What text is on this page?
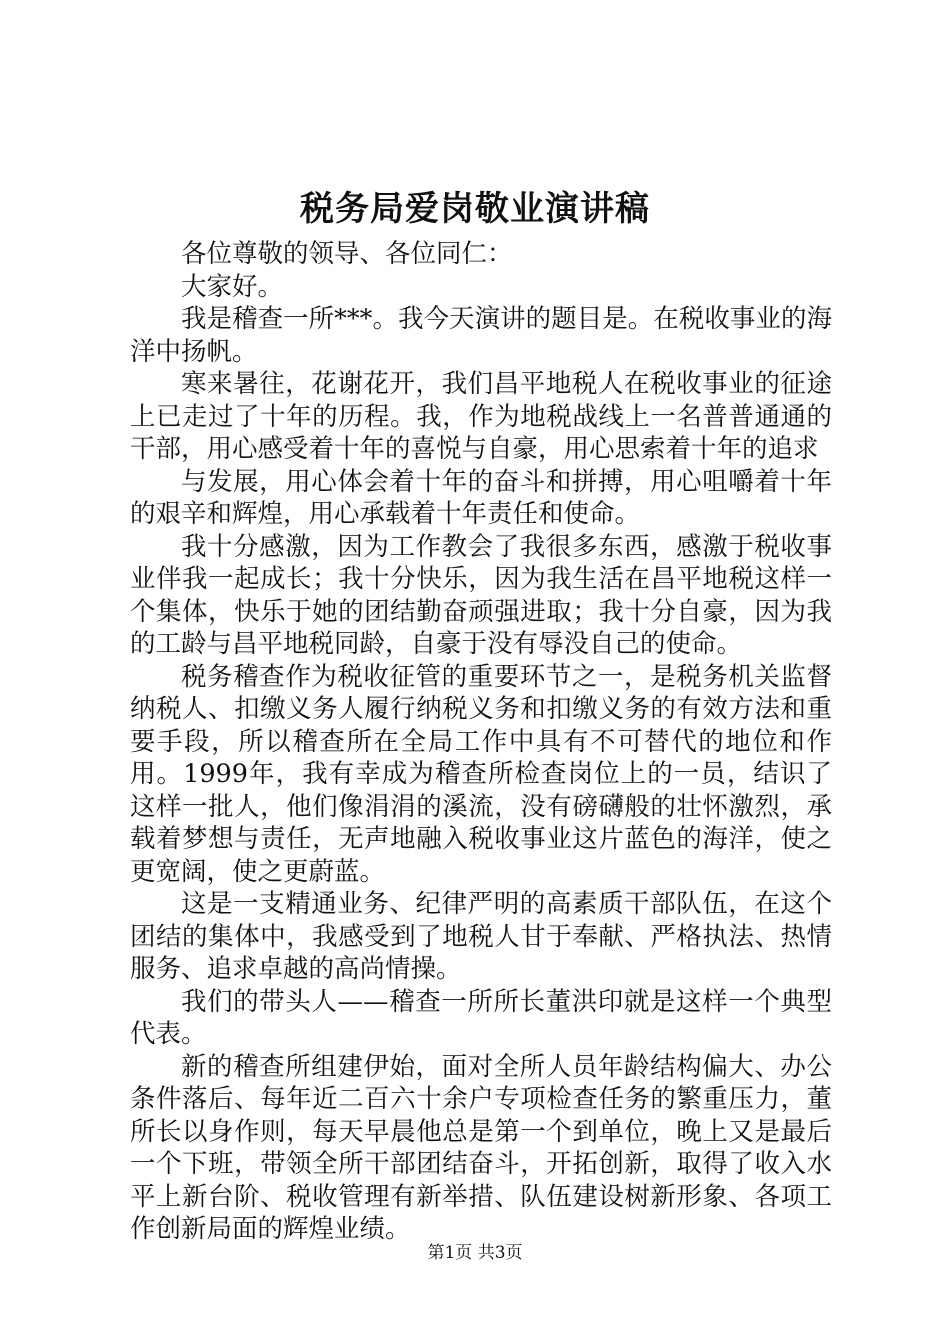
税务局爱岗敬业演讲稿

各位尊敬的领导、各位同仁：

大家好。

我是稽查一所***。我今天演讲的题目是。在税收事业的海洋中扬帆。

寒来暑往，花谢花开，我们昌平地税人在税收事业的征途上已走过了十年的历程。我，作为地税战线上一名普普通通的干部，用心感受着十年的喜悦与自豪，用心思索着十年的追求

与发展，用心体会着十年的奋斗和拼搏，用心咀嚼着十年的艰辛和辉煌，用心承载着十年责任和使命。

我十分感激，因为工作教会了我很多东西，感激于税收事业伴我一起成长；我十分快乐，因为我生活在昌平地税这样一个集体，快乐于她的团结勤奋顽强进取；我十分自豪，因为我的工龄与昌平地税同龄，自豪于没有辱没自己的使命。

税务稽查作为税收征管的重要环节之一，是税务机关监督纳税人、扣缴义务人履行纳税义务和扣缴义务的有效方法和重要手段，所以稽查所在全局工作中具有不可替代的地位和作用。1999年，我有幸成为稽查所检查岗位上的一员，结识了这样一批人，他们像涓涓的溪流，没有磅礴般的壮怀激烈，承载着梦想与责任，无声地融入税收事业这片蓝色的海洋，使之更宽阔，使之更蔚蓝。

这是一支精通业务、纪律严明的高素质干部队伍，在这个团结的集体中，我感受到了地税人甘于奉献、严格执法、热情服务、追求卓越的高尚情操。

我们的带头人——稽查一所所长董洪印就是这样一个典型代表。

新的稽查所组建伊始，面对全所人员年龄结构偏大、办公条件落后、每年近二百六十余户专项检查任务的繁重压力，董所长以身作则，每天早晨他总是第一个到单位，晚上又是最后一个下班，带领全所干部团结奋斗，开拓创新，取得了收入水平上新台阶、税收管理有新举措、队伍建设树新形象、各项工作创新局面的辉煌业绩。

第1页 共3页
